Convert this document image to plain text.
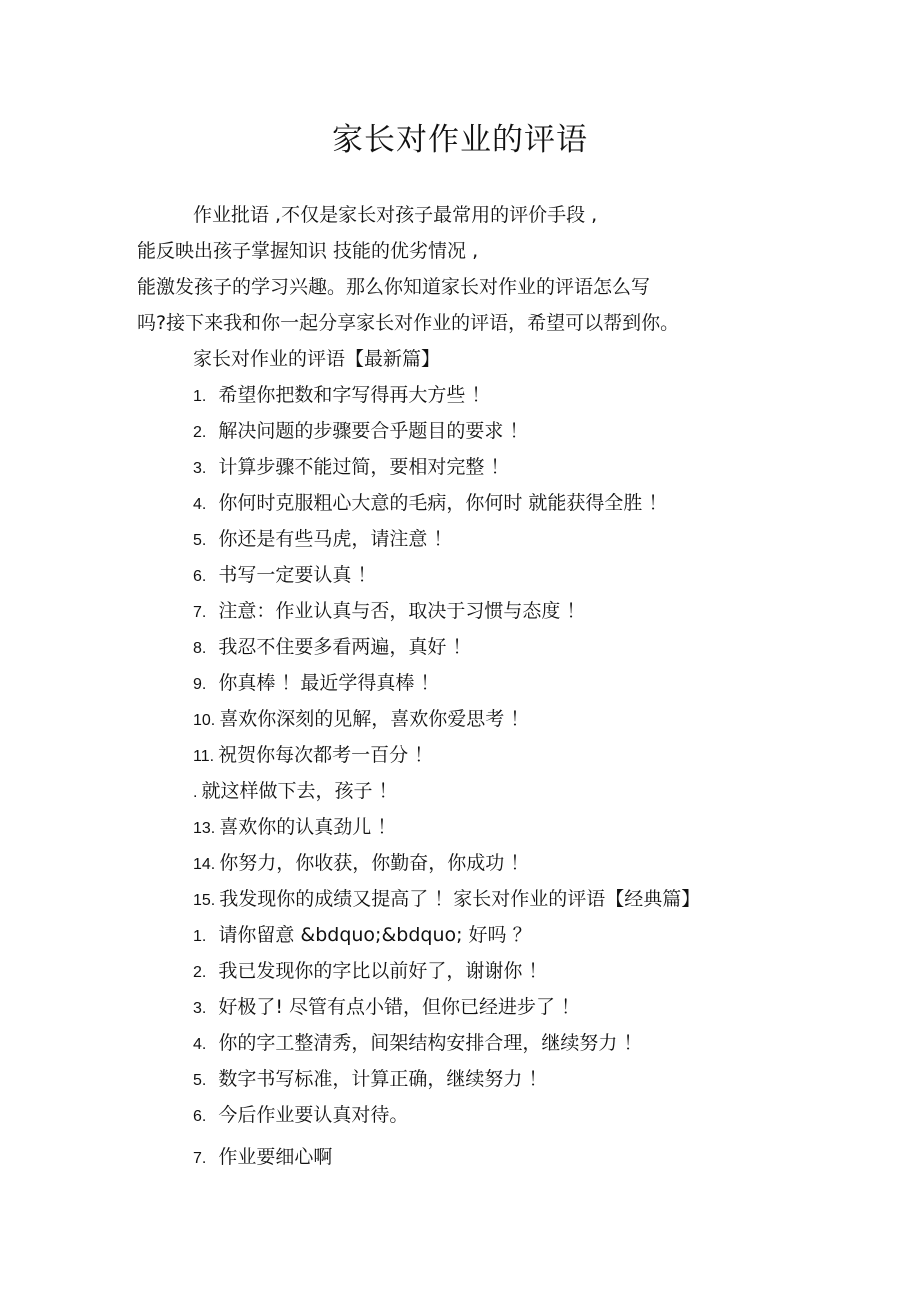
家长对作业的评语
作业批语 ,不仅是家长对孩子最常用的评价手段 ,
能反映出孩子掌握知识 技能的优劣情况 ,
能激发孩子的学习兴趣。那么你知道家长对作业的评语怎么写
吗?接下来我和你一起分享家长对作业的评语，希望可以帮到你。
家长对作业的评语【最新篇】
1. 希望你把数和字写得再大方些 ！
2. 解决问题的步骤要合乎题目的要求 ！
3. 计算步骤不能过简，要相对完整 ！
4. 你何时克服粗心大意的毛病，你何时 就能获得全胜 ！
5. 你还是有些马虎，请注意 ！
6. 书写一定要认真 ！
7. 注意：作业认真与否，取决于习惯与态度 ！
8. 我忍不住要多看两遍，真好 ！
9. 你真棒 ！最近学得真棒 ！
10. 喜欢你深刻的见解，喜欢你爱思考 ！
11. 祝贺你每次都考一百分 ！
. 就这样做下去，孩子 ！
13. 喜欢你的认真劲儿 ！
14. 你努力，你收获，你勤奋，你成功 ！
15. 我发现你的成绩又提高了 ！家长对作业的评语【经典篇】
1. 请你留意 &bdquo;&bdquo; 好吗 ？
2. 我已发现你的字比以前好了，谢谢你 ！
3. 好极了! 尽管有点小错，但你已经进步了 ！
4. 你的字工整清秀，间架结构安排合理，继续努力 ！
5. 数字书写标准，计算正确，继续努力 ！
6. 今后作业要认真对待。
7. 作业要细心啊
